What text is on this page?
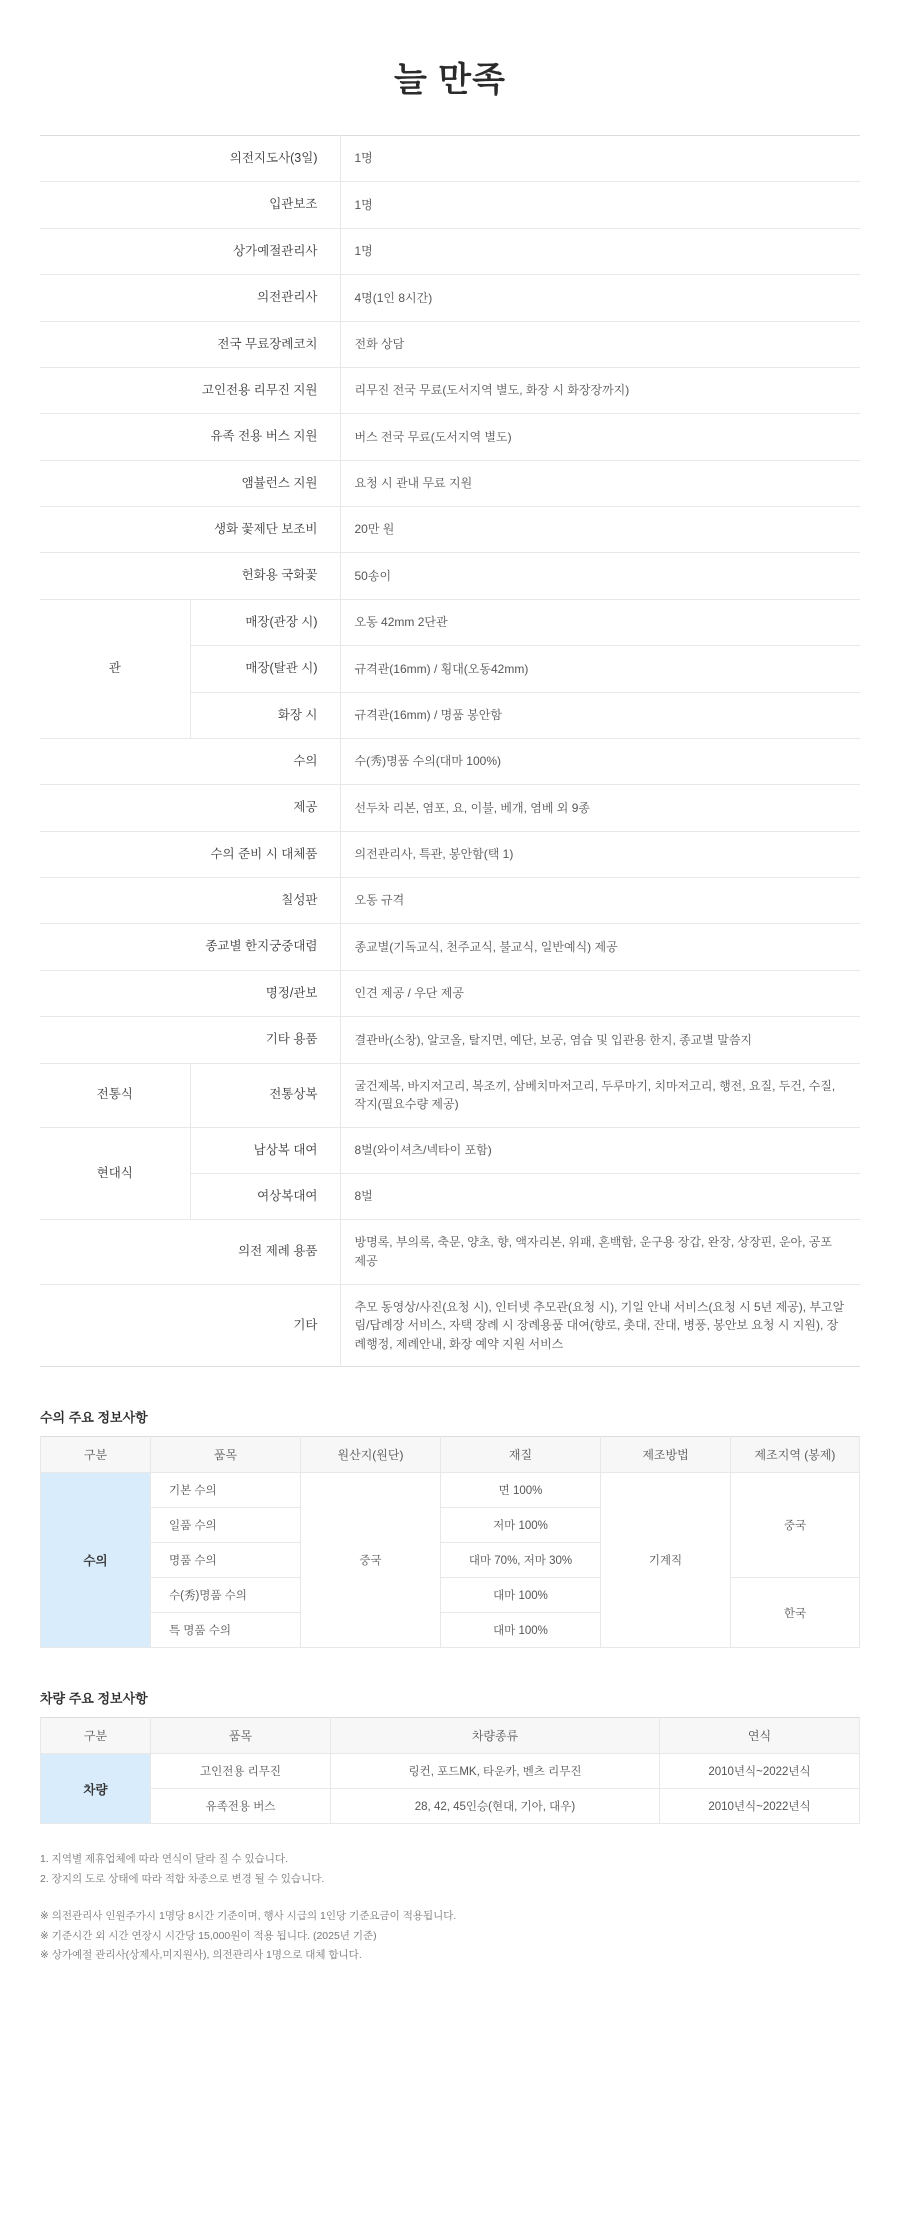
늘 만족
의전지도사(3일)		1명
입관보조		1명
상가예절관리사		1명
의전관리사		4명(1인 8시간)
전국 무료장례코치		전화 상담
고인전용 리무진 지원		리무진 전국 무료(도서지역 별도, 화장 시 화장장까지)
유족 전용 버스 지원		버스 전국 무료(도서지역 별도)
앰뷸런스 지원		요청 시 관내 무료 지원
생화 꽃제단 보조비		20만 원
헌화용 국화꽃		50송이
관	매장(관장 시)	오동 42mm 2단관
	매장(탈관 시)	규격관(16mm) / 횡대(오동42mm)
	화장 시	규격관(16mm) / 명품 봉안함
수의		수(秀)명품 수의(대마 100%)
제공		선두차 리본, 염포, 요, 이불, 베개, 염베 외 9종
수의 준비 시 대체품		의전관리사, 특관, 봉안함(택 1)
칠성판		오동 규격
종교별 한지궁중대렴		종교별(기독교식, 천주교식, 불교식, 일반예식) 제공
명정/관보		인견 제공 / 우단 제공
기타 용품		결관바(소창), 알코올, 탈지면, 예단, 보공, 염습 및 입관용 한지, 종교별 말씀지
전통식	전통상복	굴건제복, 바지저고리, 복조끼, 삼베치마저고리, 두루마기, 치마저고리, 행전, 요질, 두건, 수질, 작지(필요수량 제공)
현대식	남상복 대여	8벌(와이셔츠/넥타이 포함)
	여상복대여	8벌
의전 제례 용품		방명록, 부의록, 축문, 양초, 향, 액자리본, 위패, 혼백함, 운구용 장갑, 완장, 상장핀, 운아, 공포 제공
기타		추모 동영상/사진(요청 시), 인터넷 추모관(요청 시), 기일 안내 서비스(요청 시 5년 제공), 부고알림/답례장 서비스, 자택 장례 시 장례용품 대여(향로, 촛대, 잔대, 병풍, 봉안보 요청 시 지원), 장례행정, 제례안내, 화장 예약 지원 서비스
수의 주요 정보사항
구분	품목	원산지(원단)	재질	제조방법	제조지역 (봉제)
수의	기본 수의	중국	면 100%	기계직	중국
	일품 수의		저마 100%		
	명품 수의		대마 70%, 저마 30%		
	수(秀)명품 수의		대마 100%		한국
	특 명품 수의		대마 100%		
차량 주요 정보사항
구분	품목	차량종류	연식
차량	고인전용 리무진	링컨, 포드MK, 타운카, 벤츠 리무진	2010년식~2022년식
	유족전용 버스	28, 42, 45인승(현대, 기아, 대우)	2010년식~2022년식
1. 지역별 제휴업체에 따라 연식이 달라 질 수 있습니다.
2. 장지의 도로 상태에 따라 적합 차종으로 변경 될 수 있습니다.
※ 의전관리사 인원주가시 1명당 8시간 기준이며, 행사 시급의 1인당 기준요금이 적용됩니다.
※ 기준시간 외 시간 연장시 시간당 15,000원이 적용 됩니다. (2025년 기준)
※ 상가예절 관리사(상제사,미지원사), 의전관리사 1명으로 대체 합니다.
